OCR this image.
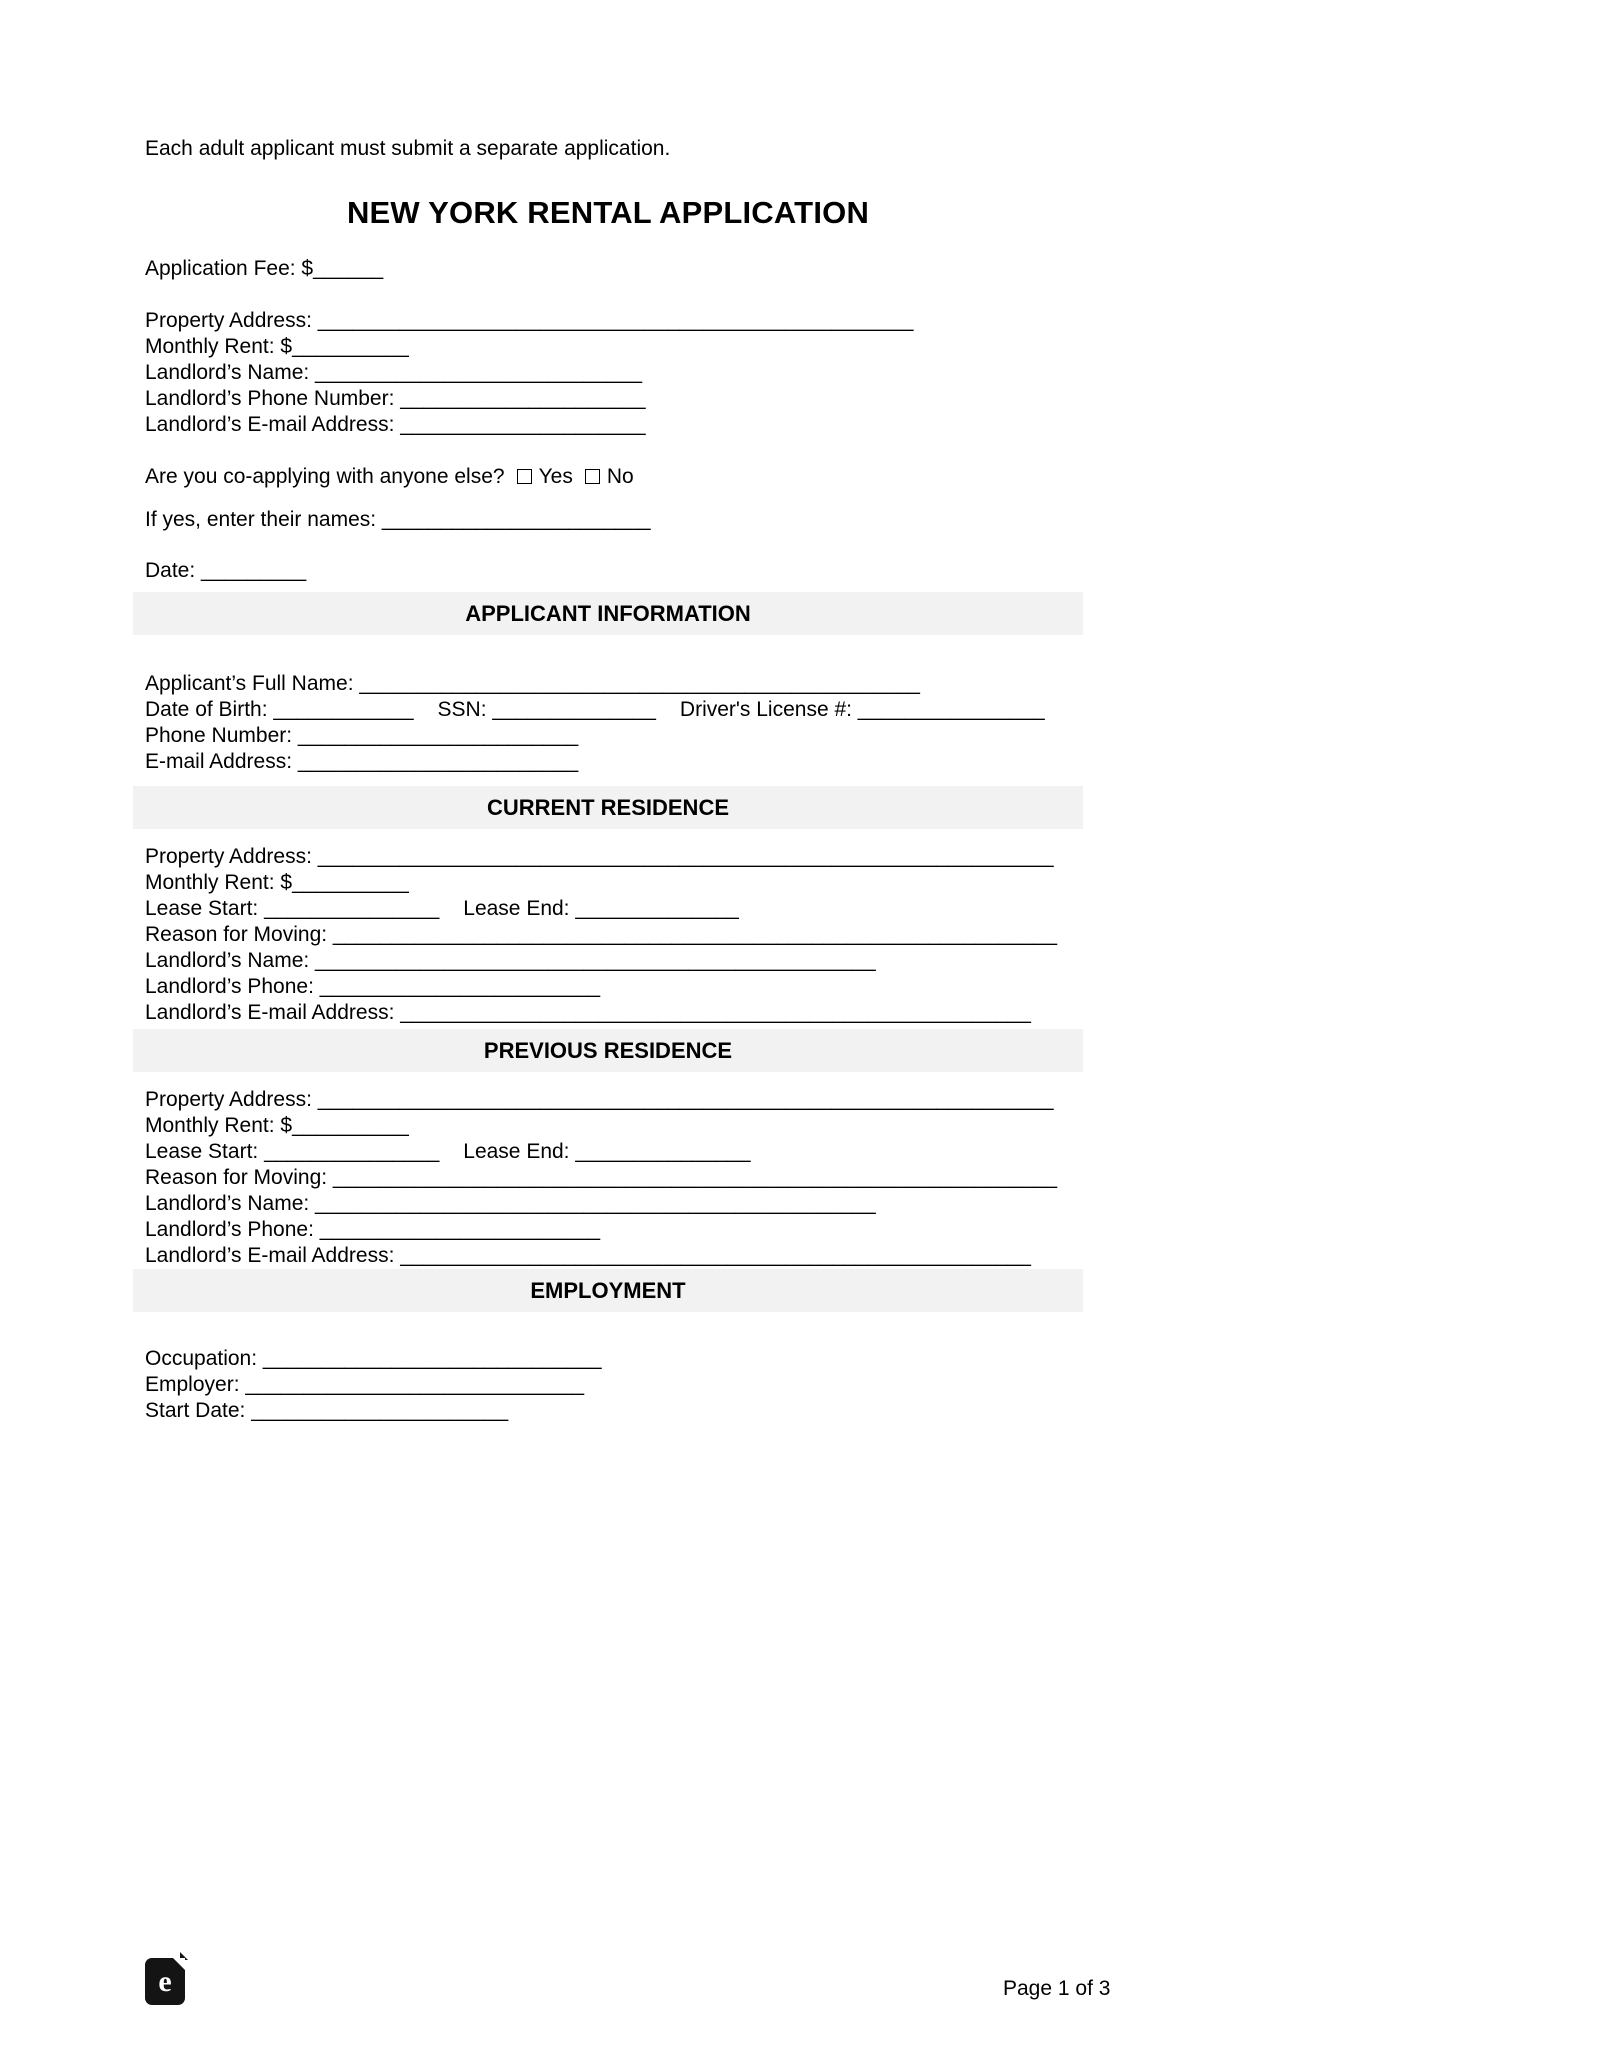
Each adult applicant must submit a separate application.

NEW YORK RENTAL APPLICATION

Application Fee: $______

Property Address: ___________________________________________________

Monthly Rent: $__________

Landlord’s Name: ____________________________

Landlord’s Phone Number: _____________________

Landlord’s E-mail Address: _____________________

Are you co-applying with anyone else? Yes No

If yes, enter their names: _______________________

Date: _________

APPLICANT INFORMATION

Applicant’s Full Name: ________________________________________________

Date of Birth: ____________ SSN: ______________ Driver's License #: ________________

Phone Number: ________________________

E-mail Address: ________________________

CURRENT RESIDENCE

Property Address: _______________________________________________________________

Monthly Rent: $__________

Lease Start: _______________ Lease End: ______________

Reason for Moving: ______________________________________________________________

Landlord’s Name: ________________________________________________

Landlord’s Phone: ________________________

Landlord’s E-mail Address: ______________________________________________________

PREVIOUS RESIDENCE

Property Address: _______________________________________________________________

Monthly Rent: $__________

Lease Start: _______________ Lease End: _______________

Reason for Moving: ______________________________________________________________

Landlord’s Name: ________________________________________________

Landlord’s Phone: ________________________

Landlord’s E-mail Address: ______________________________________________________

EMPLOYMENT

Occupation: _____________________________

Employer: _____________________________

Start Date: ______________________

e	Page 1 of 3
